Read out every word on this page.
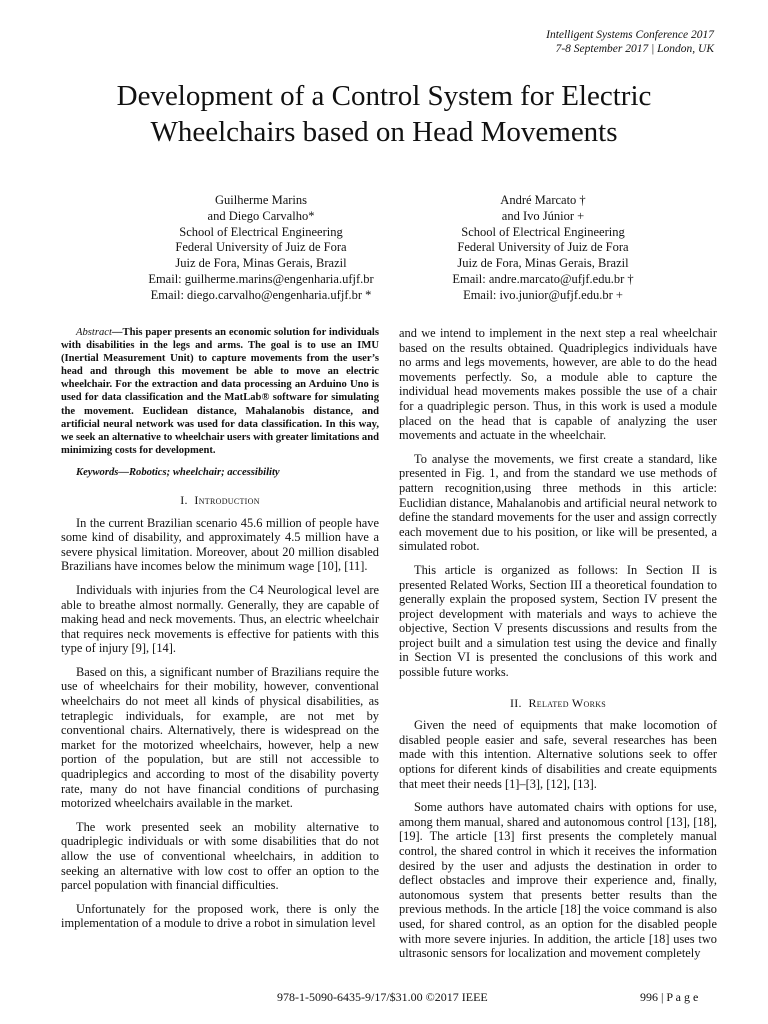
Intelligent Systems Conference 2017
7-8 September 2017 | London, UK
Development of a Control System for Electric
Wheelchairs based on Head Movements
Guilherme Marins
and Diego Carvalho*
School of Electrical Engineering
Federal University of Juiz de Fora
Juiz de Fora, Minas Gerais, Brazil
Email: guilherme.marins@engenharia.ufjf.br
Email: diego.carvalho@engenharia.ufjf.br *
André Marcato †
and Ivo Júnior +
School of Electrical Engineering
Federal University of Juiz de Fora
Juiz de Fora, Minas Gerais, Brazil
Email: andre.marcato@ufjf.edu.br †
Email: ivo.junior@ufjf.edu.br +

Abstract—This paper presents an economic solution for individuals with disabilities in the legs and arms. The goal is to use an IMU (Inertial Measurement Unit) to capture movements from the user’s head and through this movement be able to move an electric wheelchair. For the extraction and data processing an Arduino Uno is used for data classification and the MatLab® software for simulating the movement. Euclidean distance, Mahalanobis distance, and artificial neural network was used for data classification. In this way, we seek an alternative to wheelchair users with greater limitations and minimizing costs for development.

Keywords—Robotics; wheelchair; accessibility

I. Introduction

In the current Brazilian scenario 45.6 million of people have some kind of disability, and approximately 4.5 million have a severe physical limitation. Moreover, about 20 million disabled Brazilians have incomes below the minimum wage [10], [11].

Individuals with injuries from the C4 Neurological level are able to breathe almost normally. Generally, they are capable of making head and neck movements. Thus, an electric wheelchair that requires neck movements is effective for patients with this type of injury [9], [14].

Based on this, a significant number of Brazilians require the use of wheelchairs for their mobility, however, conventional wheelchairs do not meet all kinds of physical disabilities, as tetraplegic individuals, for example, are not met by conventional chairs. Alternatively, there is widespread on the market for the motorized wheelchairs, however, help a new portion of the population, but are still not accessible to quadriplegics and according to most of the disability poverty rate, many do not have financial conditions of purchasing motorized wheelchairs available in the market.

The work presented seek an mobility alternative to quadriplegic individuals or with some disabilities that do not allow the use of conventional wheelchairs, in addition to seeking an alternative with low cost to offer an option to the parcel population with financial difficulties.

Unfortunately for the proposed work, there is only the implementation of a module to drive a robot in simulation level

and we intend to implement in the next step a real wheelchair based on the results obtained. Quadriplegics individuals have no arms and legs movements, however, are able to do the head movements perfectly. So, a module able to capture the individual head movements makes possible the use of a chair for a quadriplegic person. Thus, in this work is used a module placed on the head that is capable of analyzing the user movements and actuate in the wheelchair.

To analyse the movements, we first create a standard, like presented in Fig. 1, and from the standard we use methods of pattern recognition,using three methods in this article: Euclidian distance, Mahalanobis and artificial neural network to define the standard movements for the user and assign correctly each movement due to his position, or like will be presented, a simulated robot.

This article is organized as follows: In Section II is presented Related Works, Section III a theoretical foundation to generally explain the proposed system, Section IV present the project development with materials and ways to achieve the objective, Section V presents discussions and results from the project built and a simulation test using the device and finally in Section VI is presented the conclusions of this work and possible future works.

II. Related Works

Given the need of equipments that make locomotion of disabled people easier and safe, several researches has been made with this intention. Alternative solutions seek to offer options for diferent kinds of disabilities and create equipments that meet their needs [1]–[3], [12], [13].

Some authors have automated chairs with options for use, among them manual, shared and autonomous control [13], [18], [19]. The article [13] first presents the completely manual control, the shared control in which it receives the information desired by the user and adjusts the destination in order to deflect obstacles and improve their experience and, finally, autonomous system that presents better results than the previous methods. In the article [18] the voice command is also used, for shared control, as an option for the disabled people with more severe injuries. In addition, the article [18] uses two ultrasonic sensors for localization and movement completely

978-1-5090-6435-9/17/$31.00 ©2017 IEEE	996 | P a g e
